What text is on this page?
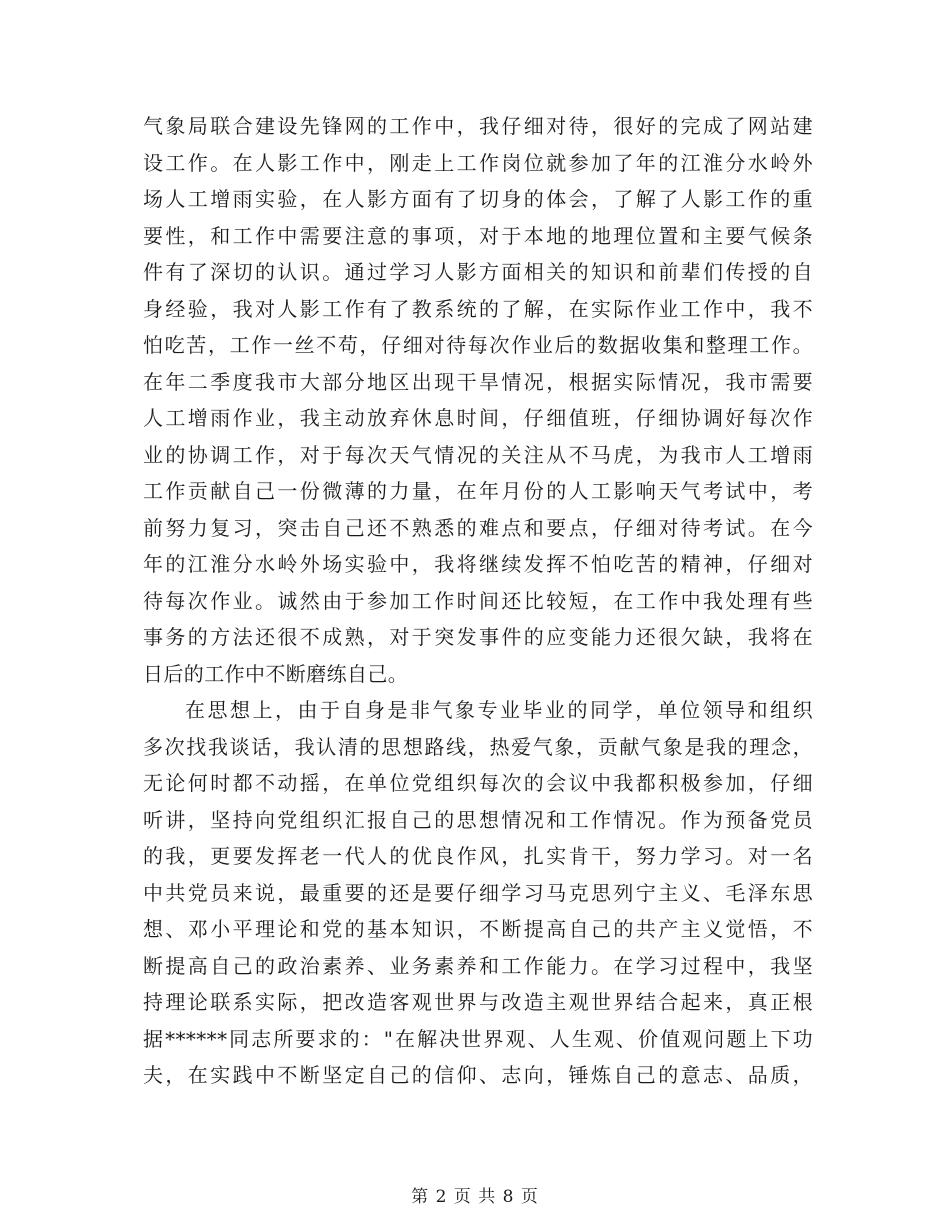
气象局联合建设先锋网的工作中，我仔细对待，很好的完成了网站建
设工作。在人影工作中，刚走上工作岗位就参加了年的江淮分水岭外
场人工增雨实验，在人影方面有了切身的体会，了解了人影工作的重
要性，和工作中需要注意的事项，对于本地的地理位置和主要气候条
件有了深切的认识。通过学习人影方面相关的知识和前辈们传授的自
身经验，我对人影工作有了教系统的了解，在实际作业工作中，我不
怕吃苦，工作一丝不苟，仔细对待每次作业后的数据收集和整理工作。
在年二季度我市大部分地区出现干旱情况，根据实际情况，我市需要
人工增雨作业，我主动放弃休息时间，仔细值班，仔细协调好每次作
业的协调工作，对于每次天气情况的关注从不马虎，为我市人工增雨
工作贡献自己一份微薄的力量，在年月份的人工影响天气考试中，考
前努力复习，突击自己还不熟悉的难点和要点，仔细对待考试。在今
年的江淮分水岭外场实验中，我将继续发挥不怕吃苦的精神，仔细对
待每次作业。诚然由于参加工作时间还比较短，在工作中我处理有些
事务的方法还很不成熟，对于突发事件的应变能力还很欠缺，我将在
日后的工作中不断磨练自己。
在思想上，由于自身是非气象专业毕业的同学，单位领导和组织
多次找我谈话，我认清的思想路线，热爱气象，贡献气象是我的理念，
无论何时都不动摇，在单位党组织每次的会议中我都积极参加，仔细
听讲，坚持向党组织汇报自己的思想情况和工作情况。作为预备党员
的我，更要发挥老一代人的优良作风，扎实肯干，努力学习。对一名
中共党员来说，最重要的还是要仔细学习马克思列宁主义、毛泽东思
想、邓小平理论和党的基本知识，不断提高自己的共产主义觉悟，不
断提高自己的政治素养、业务素养和工作能力。在学习过程中，我坚
持理论联系实际，把改造客观世界与改造主观世界结合起来，真正根
据******同志所要求的："在解决世界观、人生观、价值观问题上下功
夫，在实践中不断坚定自己的信仰、志向，锤炼自己的意志、品质，
第 2 页 共 8 页
